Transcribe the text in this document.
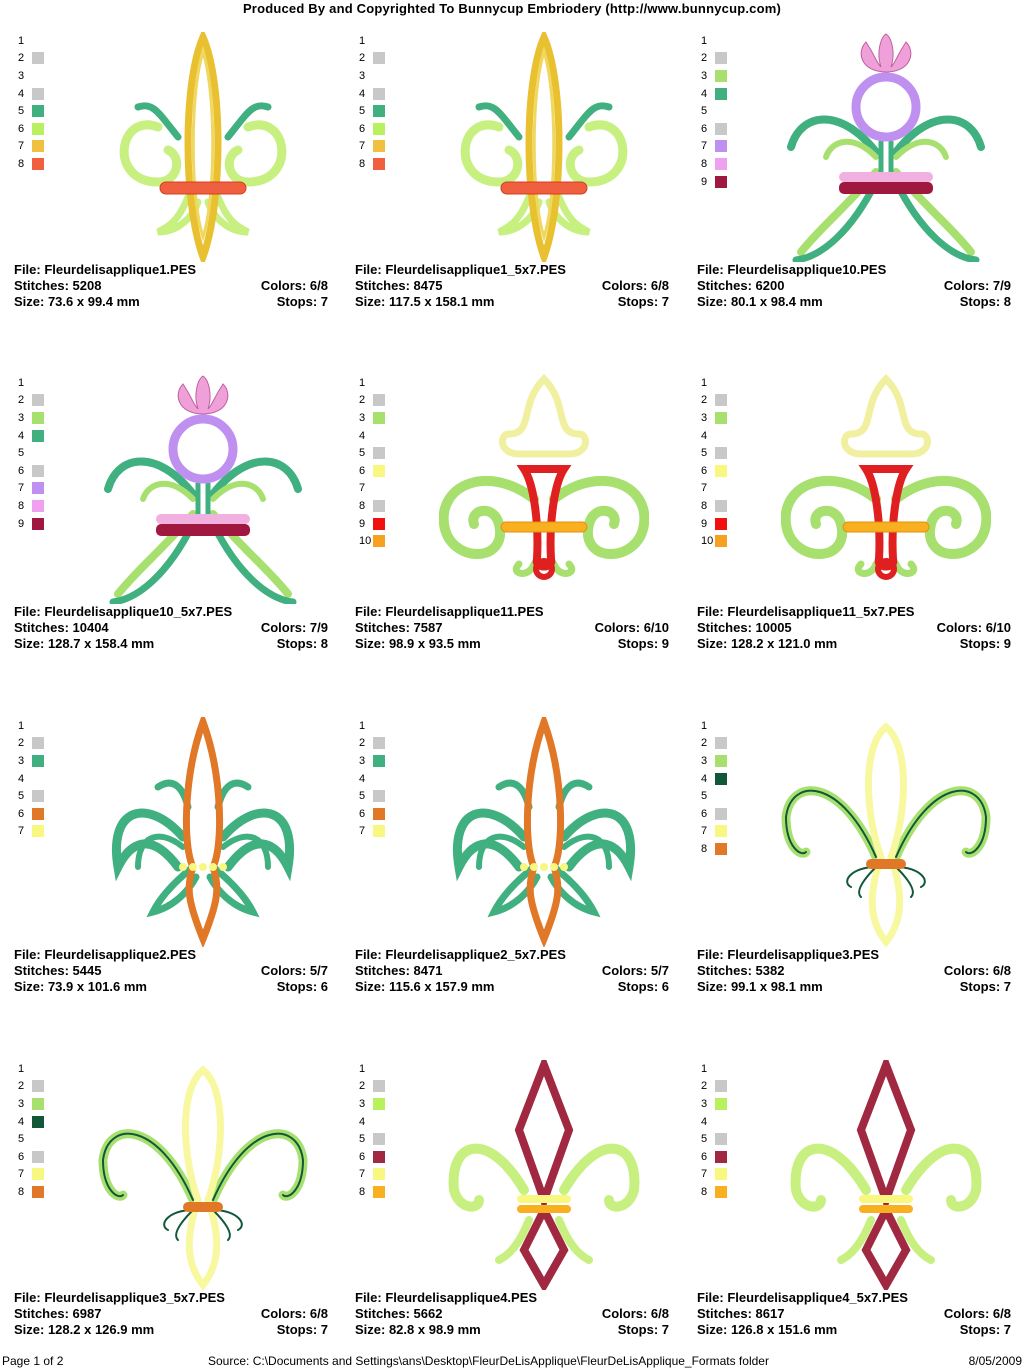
Produced By and Copyrighted To Bunnycup Embriodery (http://www.bunnycup.com)
1
2
3
4
5
6
7
8
File: Fleurdelisapplique1.PES
Stitches: 5208	Colors: 6/8
Size: 73.6 x 99.4 mm	Stops: 7
1
2
3
4
5
6
7
8
File: Fleurdelisapplique1_5x7.PES
Stitches: 8475	Colors: 6/8
Size: 117.5 x 158.1 mm	Stops: 7
1
2
3
4
5
6
7
8
9
File: Fleurdelisapplique10.PES
Stitches: 6200	Colors: 7/9
Size: 80.1 x 98.4 mm	Stops: 8
1
2
3
4
5
6
7
8
9
File: Fleurdelisapplique10_5x7.PES
Stitches: 10404	Colors: 7/9
Size: 128.7 x 158.4 mm	Stops: 8
1
2
3
4
5
6
7
8
9
10
File: Fleurdelisapplique11.PES
Stitches: 7587	Colors: 6/10
Size: 98.9 x 93.5 mm	Stops: 9
1
2
3
4
5
6
7
8
9
10
File: Fleurdelisapplique11_5x7.PES
Stitches: 10005	Colors: 6/10
Size: 128.2 x 121.0 mm	Stops: 9
1
2
3
4
5
6
7
File: Fleurdelisapplique2.PES
Stitches: 5445	Colors: 5/7
Size: 73.9 x 101.6 mm	Stops: 6
1
2
3
4
5
6
7
File: Fleurdelisapplique2_5x7.PES
Stitches: 8471	Colors: 5/7
Size: 115.6 x 157.9 mm	Stops: 6
1
2
3
4
5
6
7
8
File: Fleurdelisapplique3.PES
Stitches: 5382	Colors: 6/8
Size: 99.1 x 98.1 mm	Stops: 7
1
2
3
4
5
6
7
8
File: Fleurdelisapplique3_5x7.PES
Stitches: 6987	Colors: 6/8
Size: 128.2 x 126.9 mm	Stops: 7
1
2
3
4
5
6
7
8
File: Fleurdelisapplique4.PES
Stitches: 5662	Colors: 6/8
Size: 82.8 x 98.9 mm	Stops: 7
1
2
3
4
5
6
7
8
File: Fleurdelisapplique4_5x7.PES
Stitches: 8617	Colors: 6/8
Size: 126.8 x 151.6 mm	Stops: 7
Page 1 of 2	Source: C:\Documents and Settings\ans\Desktop\FleurDeLisApplique\FleurDeLisApplique_Formats folder	8/05/2009
